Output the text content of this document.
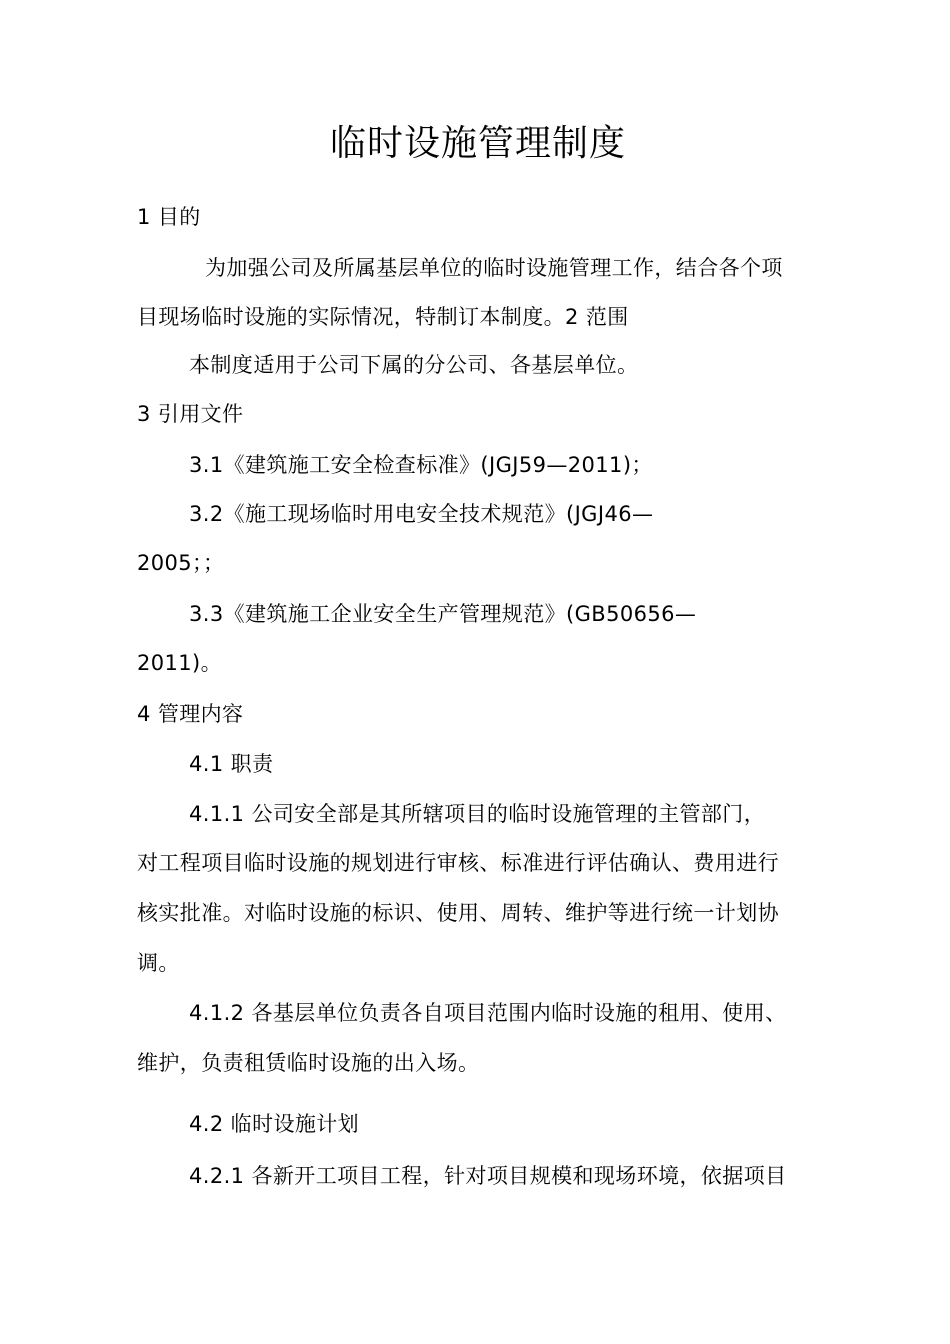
临时设施管理制度

1 目的

为加强公司及所属基层单位的临时设施管理工作，结合各个项

目现场临时设施的实际情况，特制订本制度。2 范围

本制度适用于公司下属的分公司、各基层单位。

3 引用文件

3.1《建筑施工安全检查标准》(JGJ59—2011)；

3.2《施工现场临时用电安全技术规范》(JGJ46—

2005；；

3.3《建筑施工企业安全生产管理规范》(GB50656—

2011)。

4 管理内容

4.1 职责

4.1.1 公司安全部是其所辖项目的临时设施管理的主管部门，

对工程项目临时设施的规划进行审核、标准进行评估确认、费用进行

核实批准。对临时设施的标识、使用、周转、维护等进行统一计划协

调。

4.1.2 各基层单位负责各自项目范围内临时设施的租用、使用、

维护，负责租赁临时设施的出入场。

4.2 临时设施计划

4.2.1 各新开工项目工程，针对项目规模和现场环境，依据项目
